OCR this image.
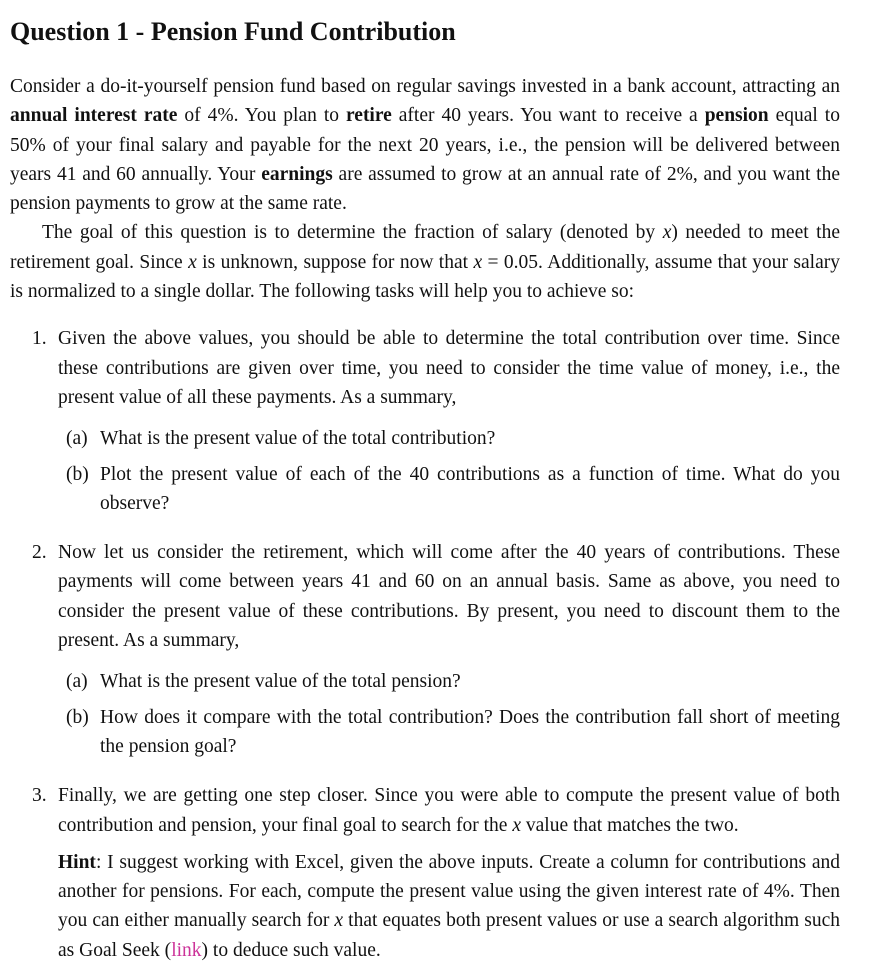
Question 1 - Pension Fund Contribution

Consider a do-it-yourself pension fund based on regular savings invested in a bank account, attracting an annual interest rate of 4%. You plan to retire after 40 years. You want to receive a pension equal to 50% of your final salary and payable for the next 20 years, i.e., the pension will be delivered between years 41 and 60 annually. Your earnings are assumed to grow at an annual rate of 2%, and you want the pension payments to grow at the same rate.

The goal of this question is to determine the fraction of salary (denoted by x) needed to meet the retirement goal. Since x is unknown, suppose for now that x = 0.05. Additionally, assume that your salary is normalized to a single dollar. The following tasks will help you to achieve so:

1. Given the above values, you should be able to determine the total contribution over time. Since these contributions are given over time, you need to consider the time value of money, i.e., the present value of all these payments. As a summary,
(a) What is the present value of the total contribution?
(b) Plot the present value of each of the 40 contributions as a function of time. What do you observe?
2. Now let us consider the retirement, which will come after the 40 years of contributions. These payments will come between years 41 and 60 on an annual basis. Same as above, you need to consider the present value of these contributions. By present, you need to discount them to the present. As a summary,
(a) What is the present value of the total pension?
(b) How does it compare with the total contribution? Does the contribution fall short of meeting the pension goal?
3. Finally, we are getting one step closer. Since you were able to compute the present value of both contribution and pension, your final goal to search for the x value that matches the two.

Hint: I suggest working with Excel, given the above inputs. Create a column for contributions and another for pensions. For each, compute the present value using the given interest rate of 4%. Then you can either manually search for x that equates both present values or use a search algorithm such as Goal Seek (link) to deduce such value.
